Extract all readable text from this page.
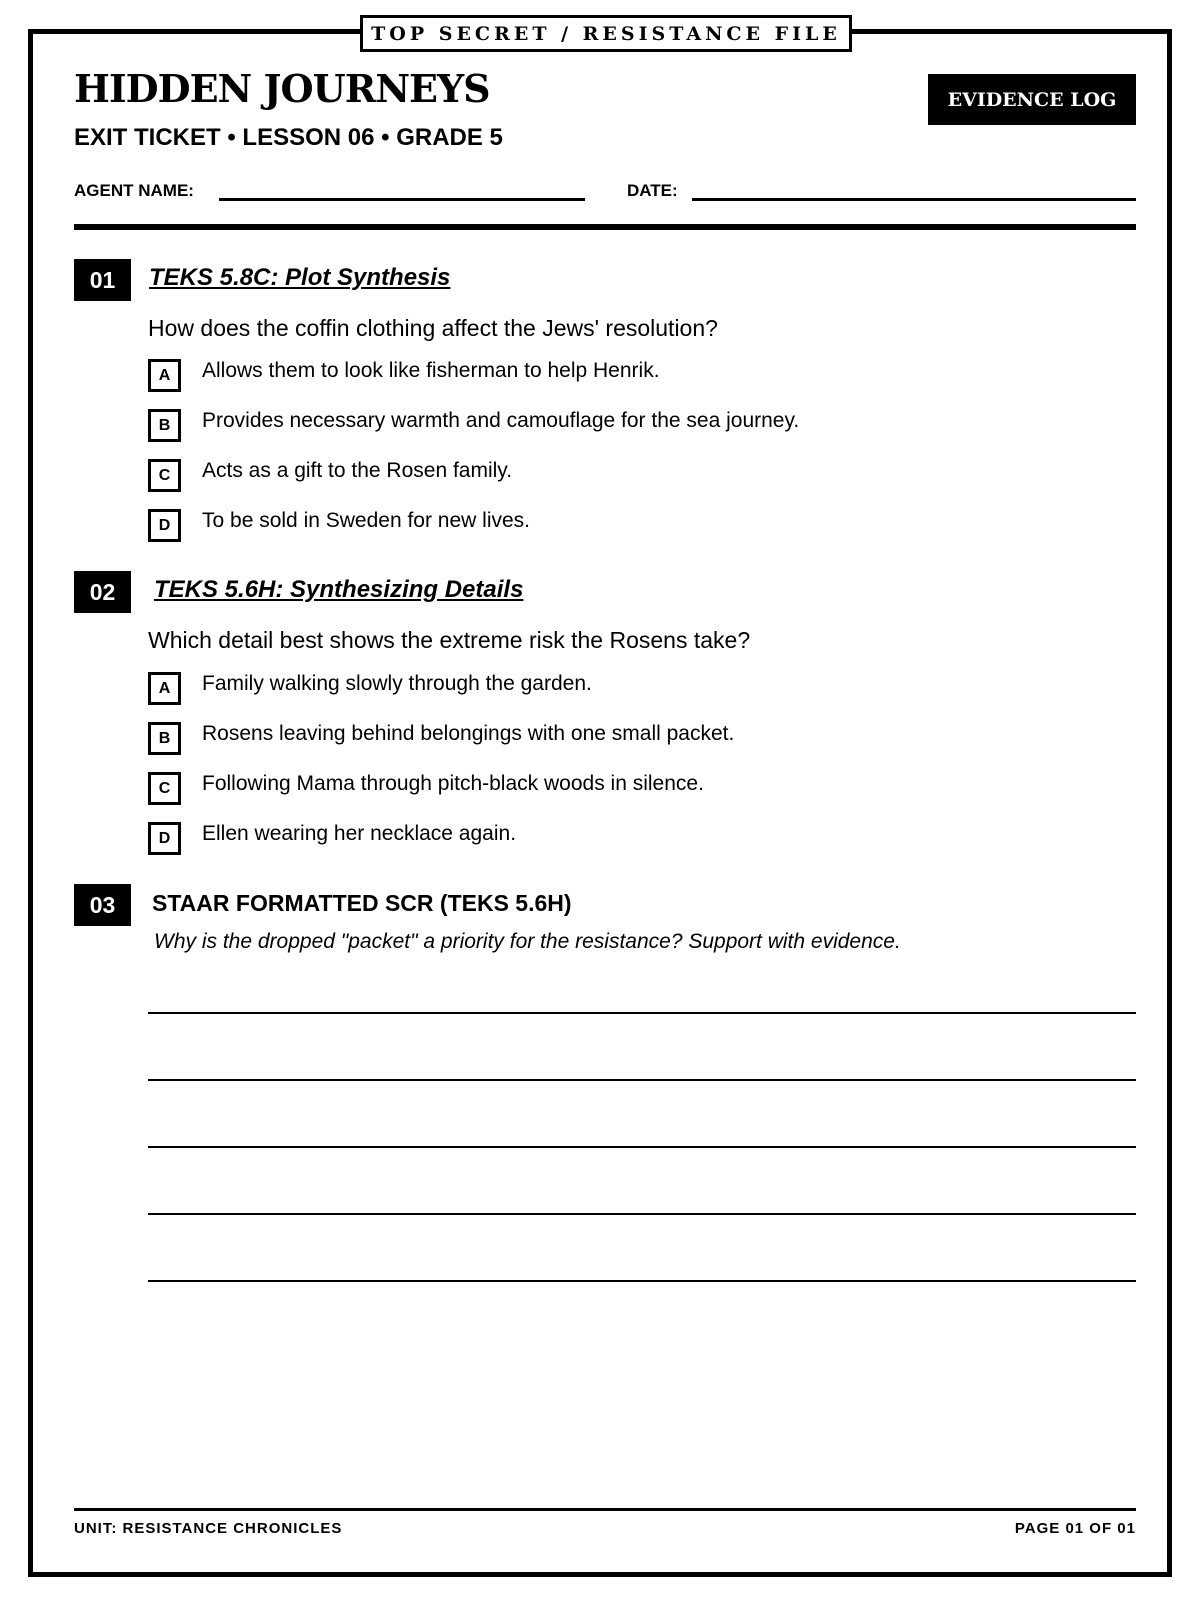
TOP SECRET / RESISTANCE FILE
HIDDEN JOURNEYS
EXIT TICKET • LESSON 06 • GRADE 5
EVIDENCE LOG
AGENT NAME:	DATE:
01	TEKS 5.8C: Plot Synthesis
How does the coffin clothing affect the Jews' resolution?
A	Allows them to look like fisherman to help Henrik.
B	Provides necessary warmth and camouflage for the sea journey.
C	Acts as a gift to the Rosen family.
D	To be sold in Sweden for new lives.
02	TEKS 5.6H: Synthesizing Details
Which detail best shows the extreme risk the Rosens take?
A	Family walking slowly through the garden.
B	Rosens leaving behind belongings with one small packet.
C	Following Mama through pitch-black woods in silence.
D	Ellen wearing her necklace again.
03	STAAR FORMATTED SCR (TEKS 5.6H)
Why is the dropped "packet" a priority for the resistance? Support with evidence.
UNIT: RESISTANCE CHRONICLES	PAGE 01 OF 01
